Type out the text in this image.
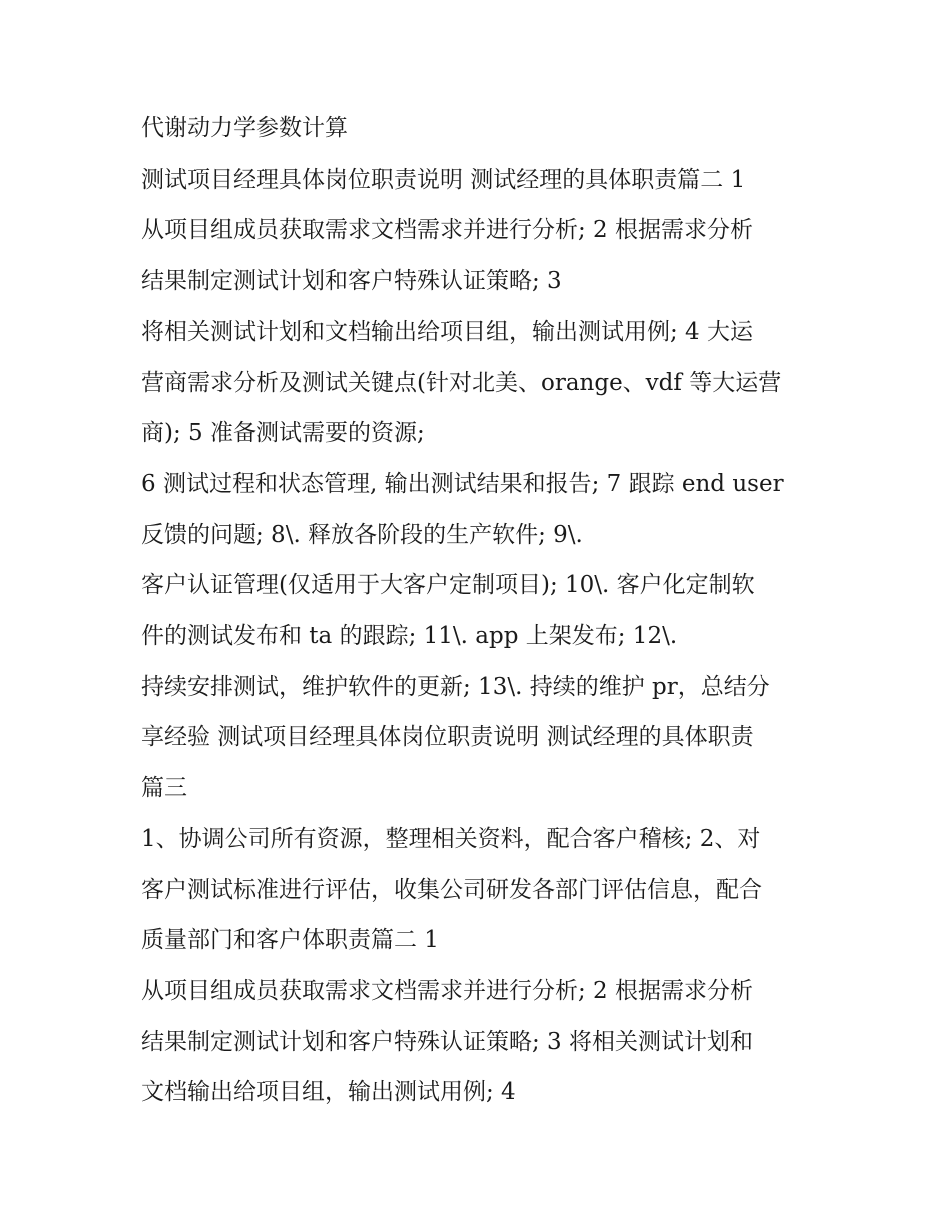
代谢动力学参数计算
测试项目经理具体岗位职责说明 测试经理的具体职责篇二 1
从项目组成员获取需求文档需求并进行分析; 2 根据需求分析
结果制定测试计划和客户特殊认证策略; 3
将相关测试计划和文档输出给项目组，输出测试用例; 4 大运
营商需求分析及测试关键点(针对北美、orange、vdf 等大运营
商); 5 准备测试需要的资源;
6 测试过程和状态管理, 输出测试结果和报告; 7 跟踪 end user
反馈的问题; 8\. 释放各阶段的生产软件; 9\.
客户认证管理(仅适用于大客户定制项目); 10\. 客户化定制软
件的测试发布和 ta 的跟踪; 11\. app 上架发布; 12\.
持续安排测试，维护软件的更新; 13\. 持续的维护 pr，总结分
享经验 测试项目经理具体岗位职责说明 测试经理的具体职责
篇三
1、协调公司所有资源，整理相关资料，配合客户稽核; 2、对
客户测试标准进行评估，收集公司研发各部门评估信息，配合
质量部门和客户体职责篇二 1
从项目组成员获取需求文档需求并进行分析; 2 根据需求分析
结果制定测试计划和客户特殊认证策略; 3 将相关测试计划和
文档输出给项目组，输出测试用例; 4
